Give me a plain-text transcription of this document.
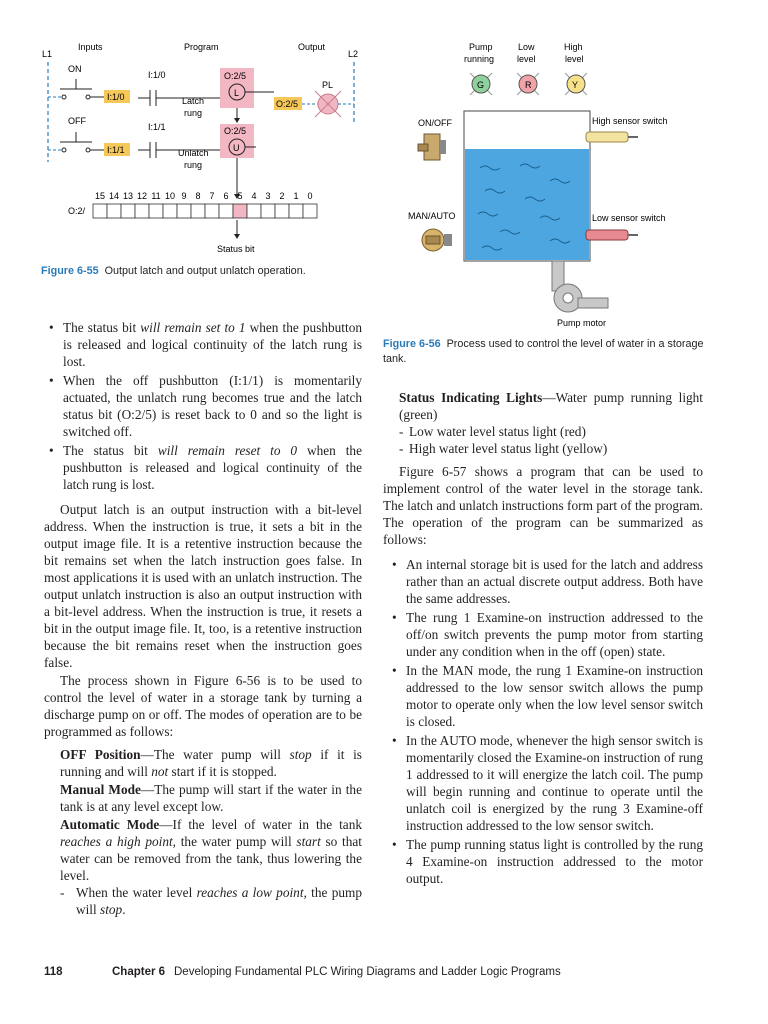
Inputs	Program	Output
L1	L2
ON
I:1/0
OFF
I:1/1
I:1/0
Latch
rung
O:2/5
L
I:1/1
Unlatch
rung
O:2/5
U
O:2/5
PL
15 14 13 12 11 10 9 8 7 6 5 4 3 2 1 0
O:2/
Status bit
Figure 6-55 Output latch and output unlatch operation.
Pump
running
Low
level
High
level
G	R	Y
ON/OFF
MAN/AUTO
High sensor switch
Low sensor switch
Pump motor
Figure 6-56 Process used to control the level of water in a storage tank.
• The status bit will remain set to 1 when the pushbutton is released and logical continuity of the latch rung is lost.
• When the off pushbutton (I:1/1) is momentarily actuated, the unlatch rung becomes true and the latch status bit (O:2/5) is reset back to 0 and so the light is switched off.
• The status bit will remain reset to 0 when the pushbutton is released and logical continuity of the latch rung is lost.

Output latch is an output instruction with a bit-level address. When the instruction is true, it sets a bit in the output image file. It is a retentive instruction because the bit remains set when the latch instruction goes false. In most applications it is used with an unlatch instruction. The output unlatch instruction is also an output instruction with a bit-level address. When the instruction is true, it resets a bit in the output image file. It, too, is a retentive instruction because the bit remains reset when the instruction goes false.

The process shown in Figure 6-56 is to be used to control the level of water in a storage tank by turning a discharge pump on or off. The modes of operation are to be programmed as follows:

OFF Position—The water pump will stop if it is running and will not start if it is stopped.

Manual Mode—The pump will start if the water in the tank is at any level except low.

Automatic Mode—If the level of water in the tank reaches a high point, the water pump will start so that water can be removed from the tank, thus lowering the level.

- When the water level reaches a low point, the pump will stop.

Status Indicating Lights—Water pump running light (green)

- Low water level status light (red)

- High water level status light (yellow)

Figure 6-57 shows a program that can be used to implement control of the water level in the storage tank. The latch and unlatch instructions form part of the program. The operation of the program can be summarized as follows:

• An internal storage bit is used for the latch and address rather than an actual discrete output address. Both have the same addresses.
• The rung 1 Examine-on instruction addressed to the off/on switch prevents the pump motor from starting under any condition when in the off (open) state.
• In the MAN mode, the rung 1 Examine-on instruction addressed to the low sensor switch allows the pump motor to operate only when the low level sensor switch is closed.
• In the AUTO mode, whenever the high sensor switch is momentarily closed the Examine-on instruction of rung 1 addressed to it will energize the latch coil. The pump will begin running and continue to operate until the unlatch coil is energized by the rung 3 Examine-off instruction addressed to the low sensor switch.
• The pump running status light is controlled by the rung 4 Examine-on instruction addressed to the motor output.
118	Chapter 6 Developing Fundamental PLC Wiring Diagrams and Ladder Logic Programs
